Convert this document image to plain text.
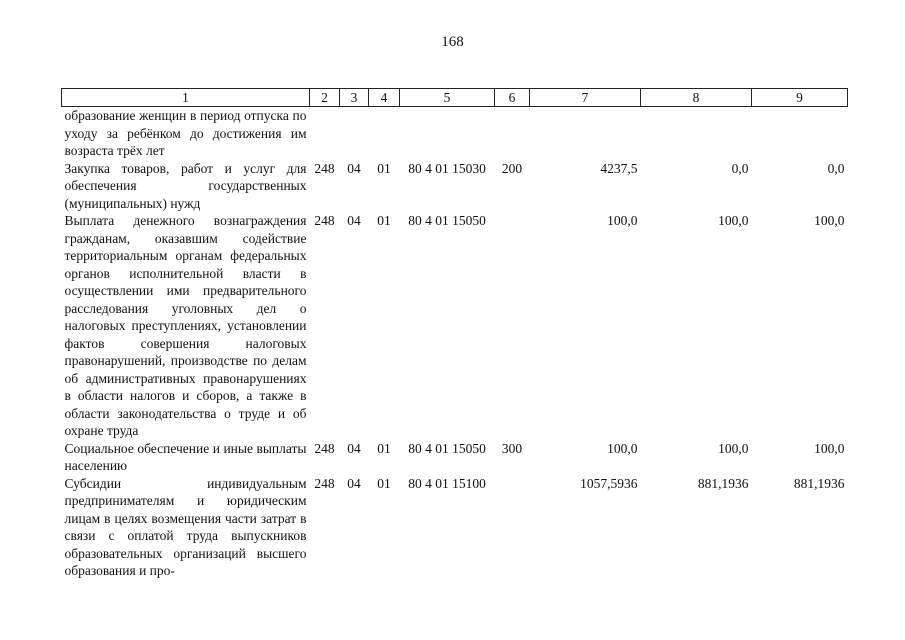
168
1	2	3	4	5	6	7	8	9
образование женщин в период отпуска по уходу за ребёнком до достижения им возраста трёх лет								
Закупка товаров, работ и услуг для обеспечения государственных (муниципальных) нужд	248	04	01	80 4 01 15030	200	4237,5	0,0	0,0
Выплата денежного вознаграждения гражданам, оказавшим содействие территориальным органам федеральных органов исполнительной власти в осуществлении ими предварительного расследования уголовных дел о налоговых преступлениях, установлении фактов совершения налоговых правонарушений, производстве по делам об административных правонарушениях в области налогов и сборов, а также в области законодательства о труде и об охране труда	248	04	01	80 4 01 15050		100,0	100,0	100,0
Социальное обеспечение и иные выплаты населению	248	04	01	80 4 01 15050	300	100,0	100,0	100,0
Субсидии индивидуальным предпринимателям и юридическим лицам в целях возмещения части затрат в связи с оплатой труда выпускников образовательных организаций высшего образования и про-	248	04	01	80 4 01 15100		1057,5936	881,1936	881,1936
